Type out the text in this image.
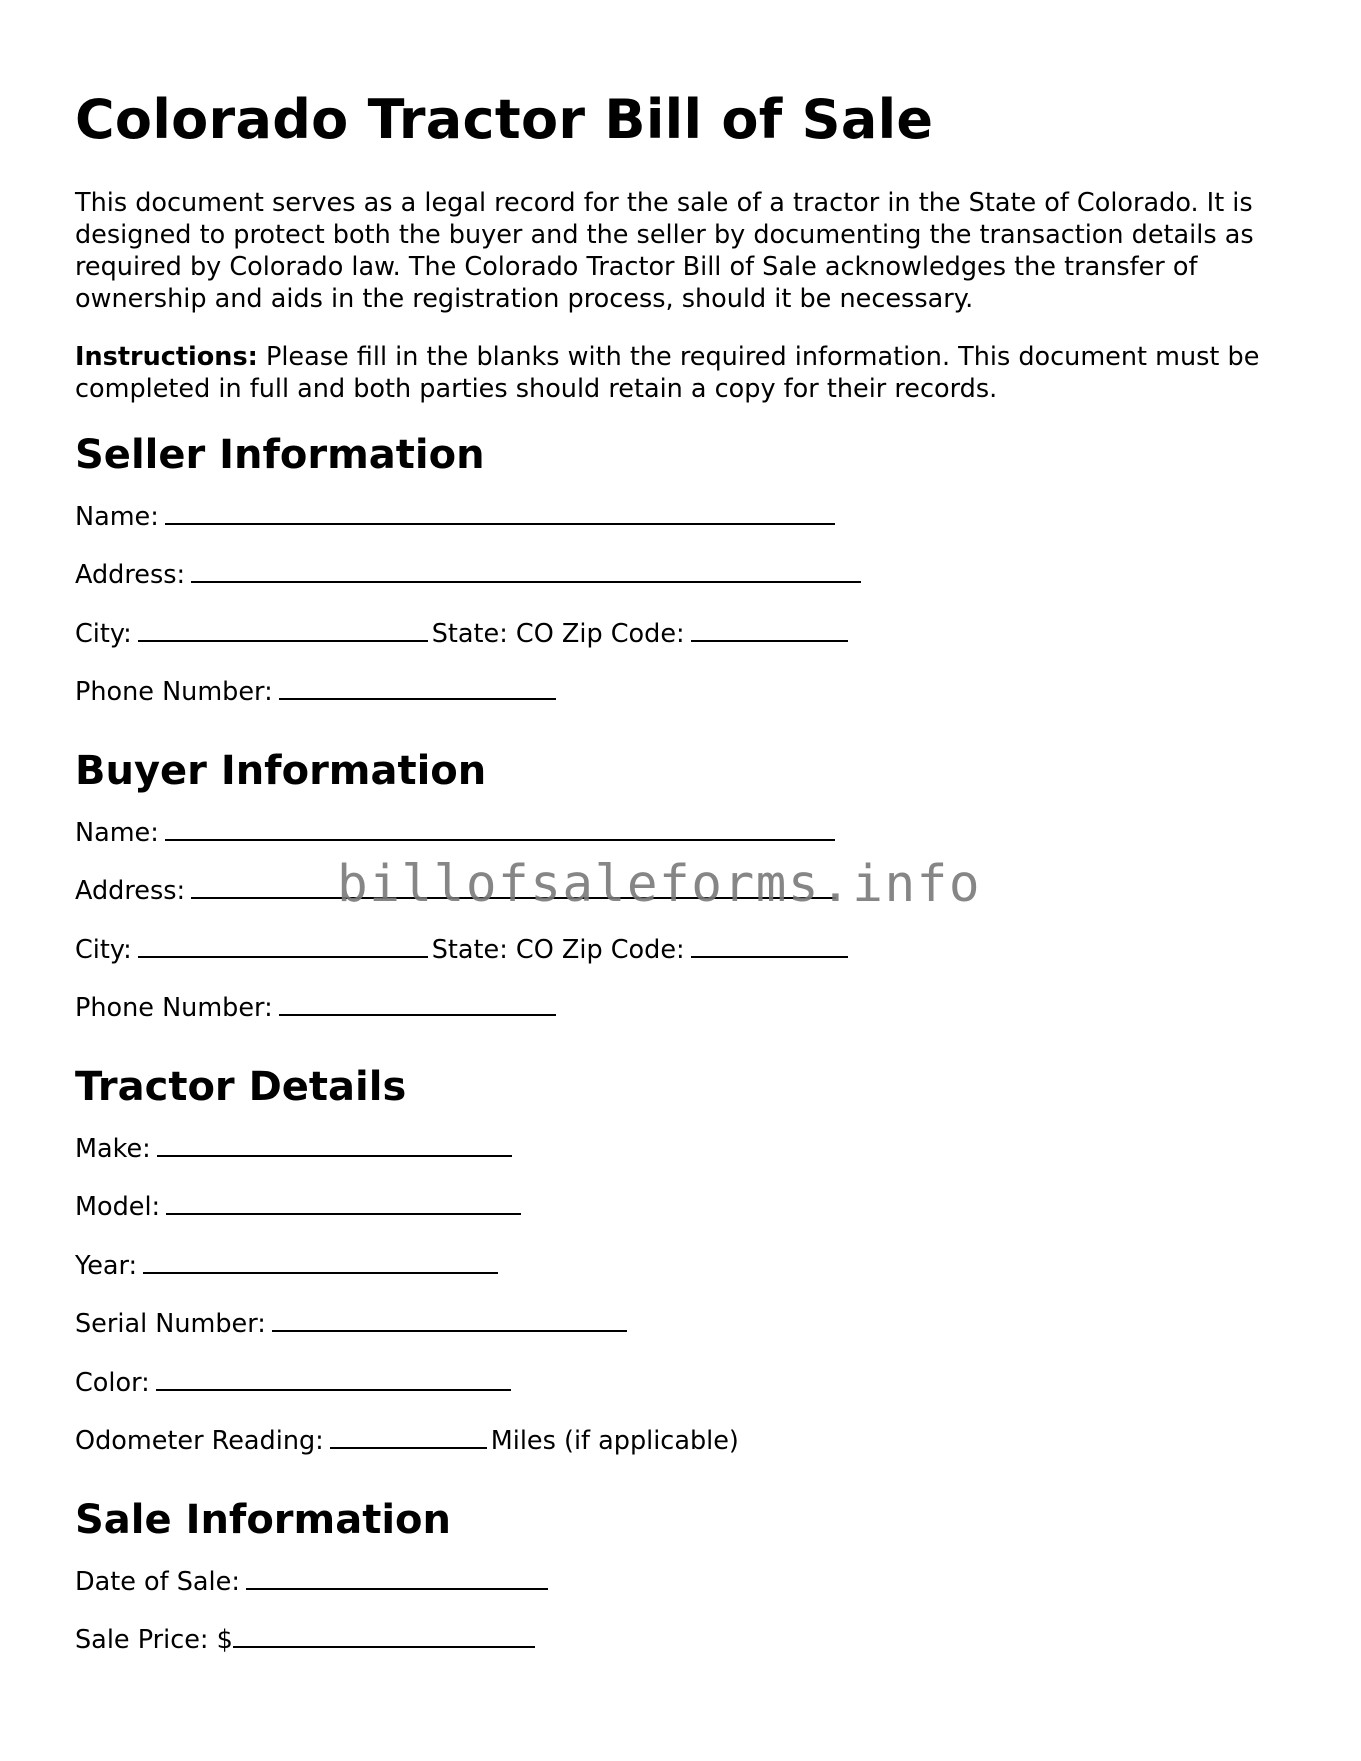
Colorado Tractor Bill of Sale

This document serves as a legal record for the sale of a tractor in the State of Colorado. It is designed to protect both the buyer and the seller by documenting the transaction details as required by Colorado law. The Colorado Tractor Bill of Sale acknowledges the transfer of ownership and aids in the registration process, should it be necessary.

Instructions: Please fill in the blanks with the required information. This document must be completed in full and both parties should retain a copy for their records.

Seller Information
Name:
Address:
City:	State: CO Zip Code:
Phone Number:
Buyer Information
Name:
Address:
City:	State: CO Zip Code:
Phone Number:
Tractor Details
Make:
Model:
Year:
Serial Number:
Color:
Odometer Reading:	Miles (if applicable)
Sale Information
Date of Sale:
Sale Price: $
billofsaleforms.info
